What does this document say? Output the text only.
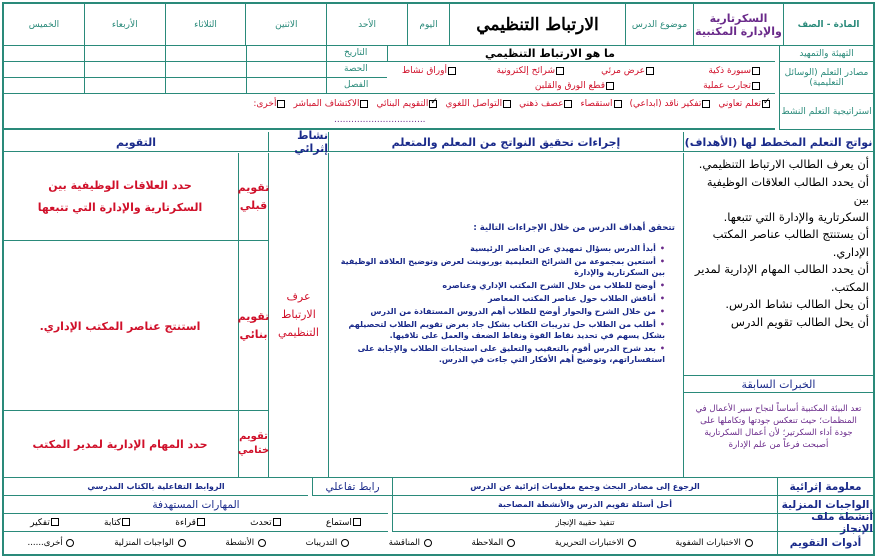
المادة - الصف
السكرتارية والإدارة المكتبية
موضوع الدرس
الارتباط التنظيمي
اليوم
الأحد
الاثنين
الثلاثاء
الأربعاء
الخميس
التاريخ
الحصة
الفصل
ما هو الارتباط التنظيمي	التهيئة والتمهيد
مصادر التعلم (الوسائل التعليمية)
سبورة ذكية
عرض مرئي
شرائح إلكترونية
أوراق نشاط
تجارب عملية
قطع الورق والقلبن
استراتيجية التعلم النشط
✓تعلم تعاوني
تفكير ناقد (ابداعي)
استقصاء
عصف ذهني
التواصل اللغوي
✓التقويم البنائي
الاكتشاف المباشر
أخرى:
................................
نواتج التعلم المخطط لها (الأهداف)
إجراءات تحقيق النواتج من المعلم والمتعلم
نشاط إثرائي
التقويم
أن يعرف الطالب الارتباط التنظيمي.
أن يحدد الطالب العلاقات الوظيفية بين
السكرتارية والإدارة التي تتبعها.
أن يستنتج الطالب عناصر المكتب الإداري.
أن يحدد الطالب المهام الإدارية لمدير المكتب.
أن يحل الطالب نشاط الدرس.
أن يحل الطالب تقويم الدرس
الخبرات السابقة
تعد البيئة المكتبية أساساً لنجاح سير الأعمال في المنظمات؛ حيث تنعكس جودتها وتكاملها على جودة أداء السكرتير؛ لأن أعمال السكرتارية أصبحت فرعاً من علم الإدارة
تتحقق أهداف الدرس من خلال الإجراءات التالية :
• أبدأ الدرس بسؤال تمهيدي عن العناصر الرئيسية
• أستعين بمجموعة من الشرائح التعليمية بوربوينت لعرض وتوضيح العلاقة الوظيفية بين السكرتارية والإدارة
• أوضح للطلاب من خلال الشرح المكتب الإداري وعناصره
• أناقش الطلاب حول عناصر المكتب المعاصر
• من خلال الشرح والحوار أوضح للطلاب أهم الدروس المستفادة من الدرس
• أطلب من الطلاب حل تدريبات الكتاب بشكل جاد بغرض تقويم الطلاب لتحصيلهم بشكل يسهم في تحديد نقاط القوة ونقاط الضعف والعمل على تلافيها.
• بعد شرح الدرس أقوم بالتعقيب والتعليق على استجابات الطلاب والإجابة على استفساراتهم، وتوضيح أهم الأفكار التي جاءت في الدرس.
عرف الارتباط التنظيمي
تقويم قبلي
حدد العلاقات الوظيفية بين السكرتارية والإدارة التي تتبعها
تقويم بنائي
استنتج عناصر المكتب الإداري.
تقويم ختامي
حدد المهام الإدارية لمدير المكتب
معلومة إثرائية
الرجوع إلى مصادر البحث وجمع معلومات إثرائية عن الدرس
رابط تفاعلي
الروابط التفاعلية بالكتاب المدرسي
الواجبات المنزلية
أحل أسئلة تقويم الدرس والأنشطة المصاحبة
المهارات المستهدفة
أنشطة ملف الإنجاز
تنفيذ حقيبة الإنجاز
استماع
تحدث
قراءة
كتابة
تفكير
أدوات التقويم
الاختبارات الشفوية
الاختبارات التحريرية
الملاحظة
المناقشة
التدريبات
الأنشطة
الواجبات المنزلية
أخرى......
